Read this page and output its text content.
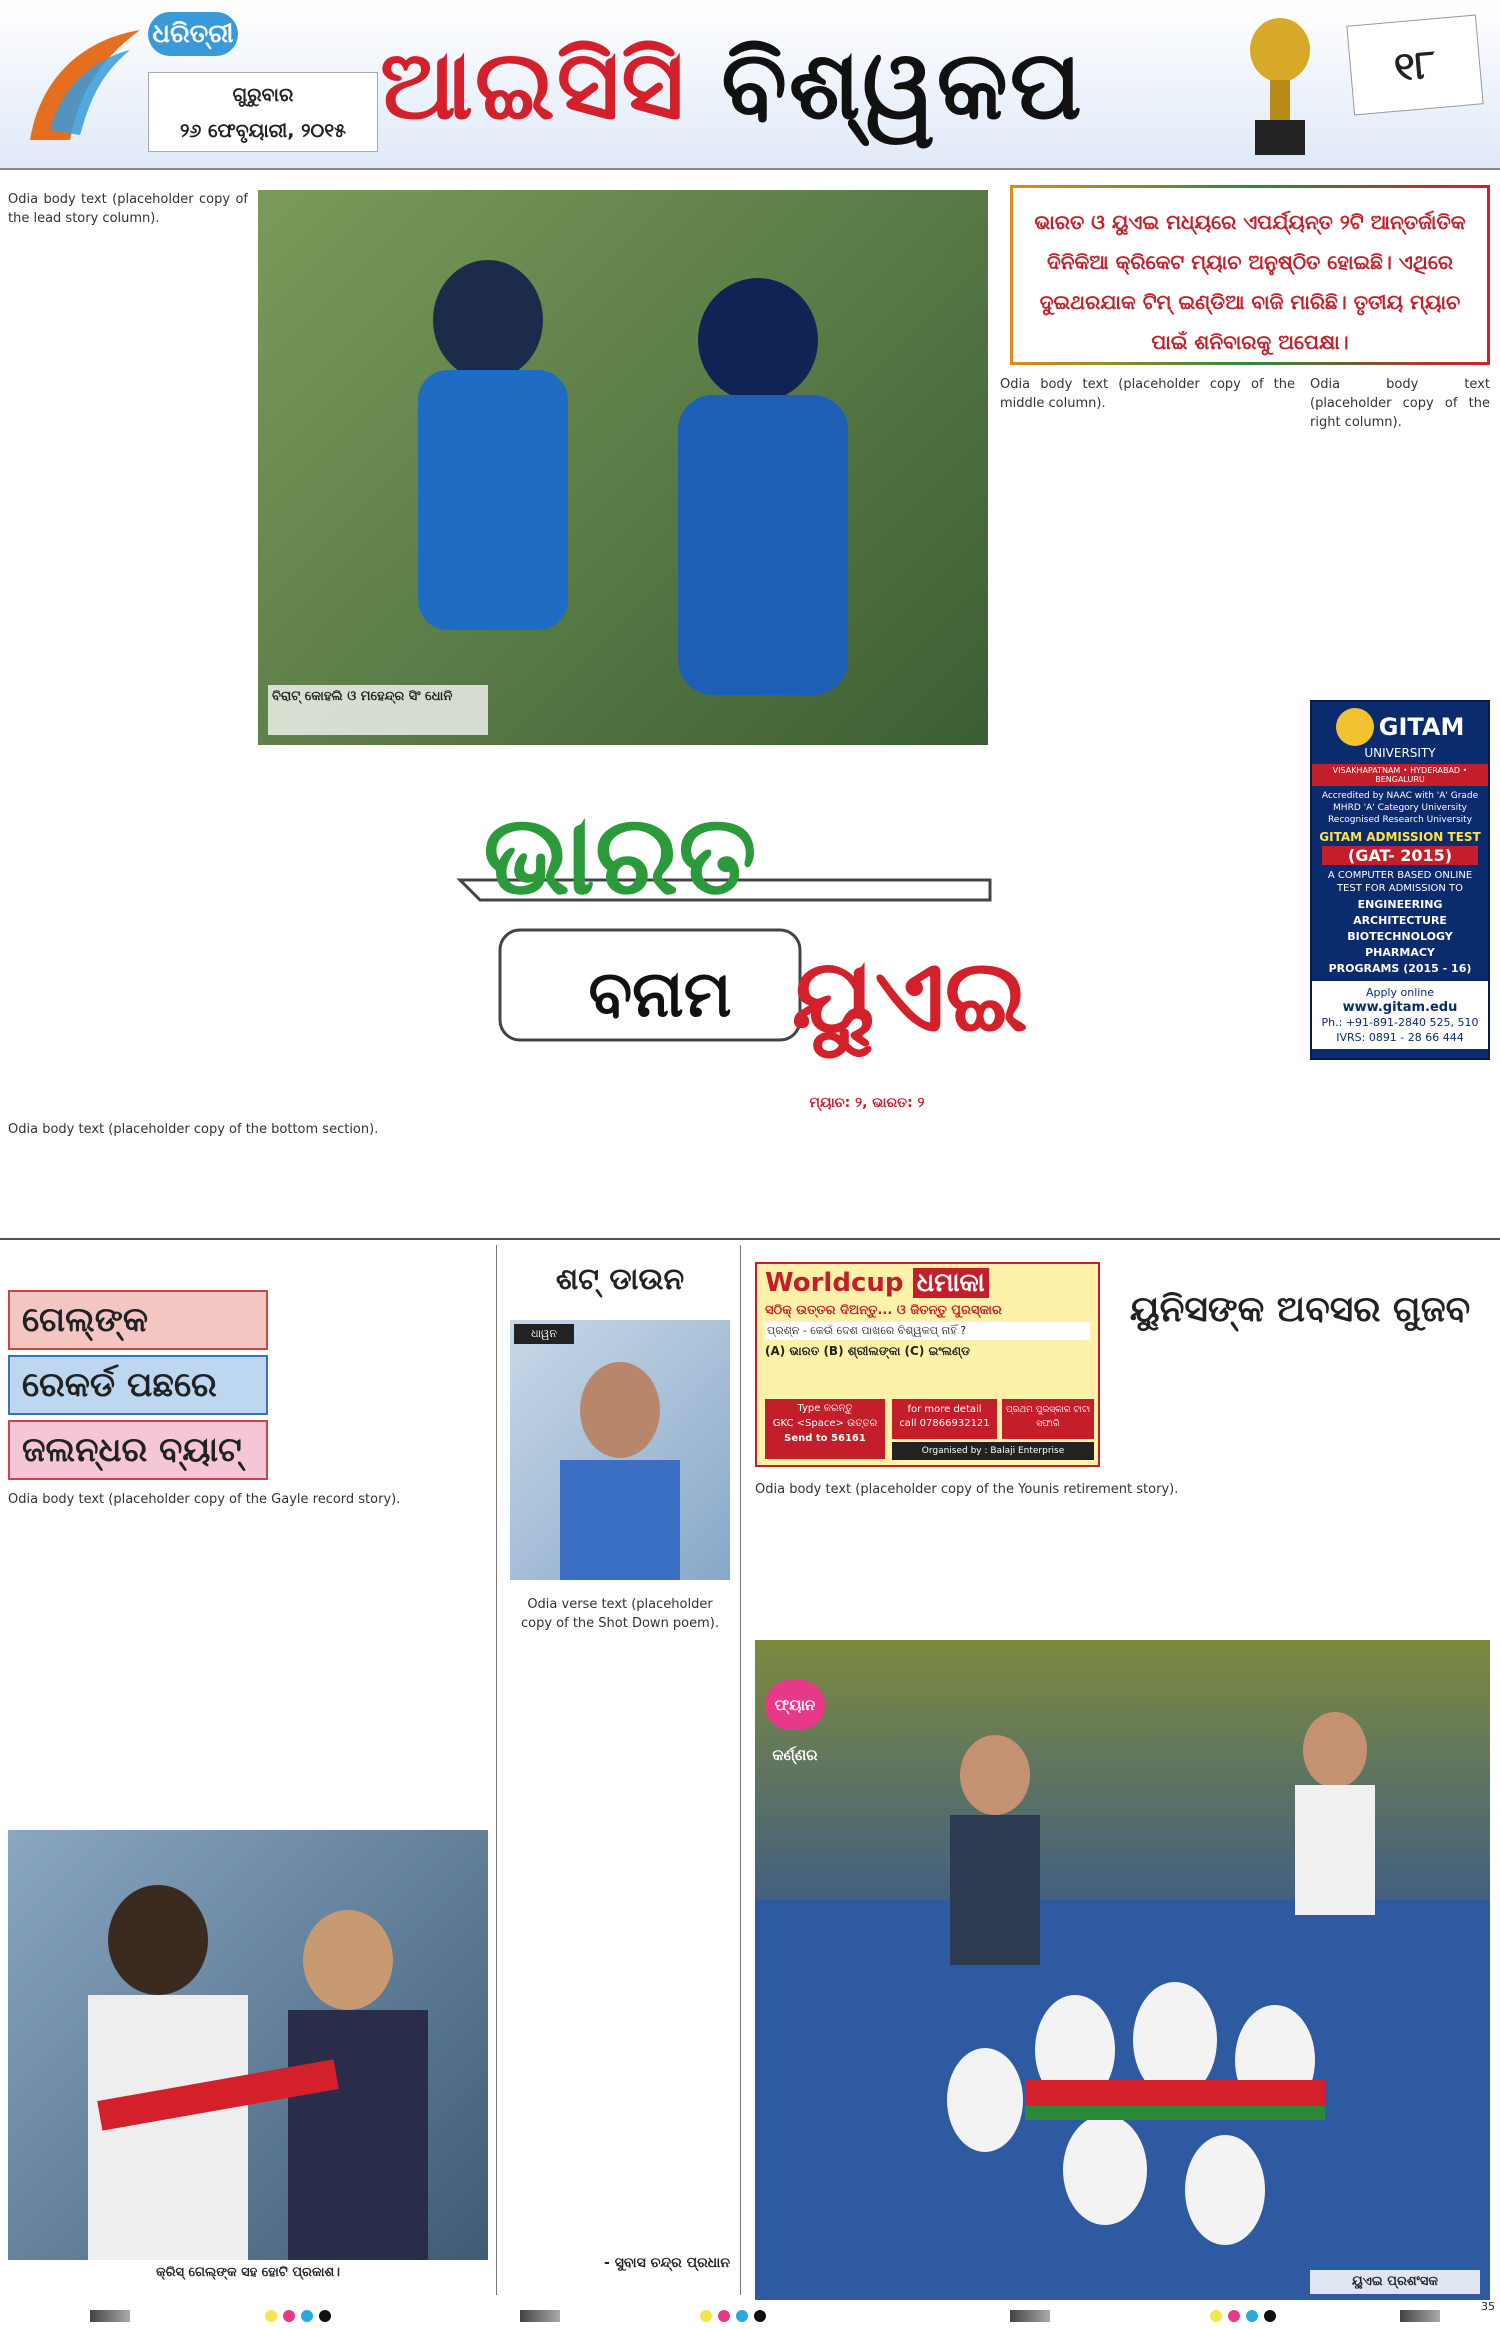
ଧରିତ୍ରୀ
ଗୁରୁବାର
୨୬ ଫେବୃୟାରୀ, ୨୦୧୫ ଆଇସିସି ବିଶ୍ୱକପ	୧୮
Odia body text (placeholder copy of the lead story column).
ବିରାଟ୍ କୋହଲି ଓ ମହେନ୍ଦ୍ର ସିଂ ଧୋନି
ଭାରତ ଓ ୟୁଏଇ ମଧ୍ୟରେ ଏପର୍ଯ୍ୟନ୍ତ ୨ଟି ଆନ୍ତର୍ଜାତିକ ଦିନିକିଆ କ୍ରିକେଟ ମ୍ୟାଚ ଅନୁଷ୍ଠିତ ହୋଇଛି। ଏଥିରେ ଦୁଇଥରଯାକ ଟିମ୍ ଇଣ୍ଡିଆ ବାଜି ମାରିଛି। ତୃତୀୟ ମ୍ୟାଚ ପାଇଁ ଶନିବାରକୁ ଅପେକ୍ଷା।
Odia body text (placeholder copy of the middle column).
Odia body text (placeholder copy of the right column).
GITAM
UNIVERSITY
VISAKHAPATNAM • HYDERABAD • BENGALURU
Accredited by NAAC with 'A' Grade MHRD 'A' Category University Recognised Research University
GITAM ADMISSION TEST
(GAT- 2015)
A COMPUTER BASED ONLINE TEST FOR ADMISSION TO
ENGINEERING
ARCHITECTURE
BIOTECHNOLOGY
PHARMACY
PROGRAMS (2015 - 16)
Apply online
www.gitam.edu
Ph.: +91-891-2840 525, 510
IVRS: 0891 - 28 66 444
ଭାରତ
ବନାମ ୟୁଏଇ
ମ୍ୟାଚ: ୨, ଭାରତ: ୨
Odia body text (placeholder copy of the bottom section).
ଗେଲ୍‌ଙ୍କ
ରେକର୍ଡ ପଛରେ
ଜଲନ୍ଧର ବ୍ୟାଟ୍
Odia body text (placeholder copy of the Gayle record story).
କ୍ରିସ୍ ଗେଲ୍‌ଙ୍କ ସହ ହୋଟି ପ୍ରକାଶ।
ଶଟ୍ ଡାଉନ
ଧାୱନ
Odia verse text (placeholder copy of the Shot Down poem).
- ସୁବାସ ଚନ୍ଦ୍ର ପ୍ରଧାନ
Worldcup ଧମାକା
ସଠିକ୍ ଉତ୍ତର ଦିଅନ୍ତୁ... ଓ ଜିତନ୍ତୁ ପୁରସ୍କାର
ପ୍ରଶ୍ନ - କେଉଁ ଦେଶ ପାଖରେ ବିଶ୍ୱକପ୍ ନାହିଁ ?
(A) ଭାରତ (B) ଶ୍ରୀଲଙ୍କା (C) ଇଂଲଣ୍ଡ
Type କରନ୍ତୁ
GKC <Space> ଉତ୍ତର
Send to 56161
for more detail
call 07866932121
ପ୍ରଥମ ପୁରସ୍କାର ଟାଟା ସଫାରି
Organised by : Balaji Enterprise
ୟୁନିସଙ୍କ ଅବସର ଗୁଜବ
Odia body text (placeholder copy of the Younis retirement story).
ଫ୍ୟାନ କର୍ଣ୍ଣର
ୟୁଏଇ ପ୍ରଶଂସକ
35
